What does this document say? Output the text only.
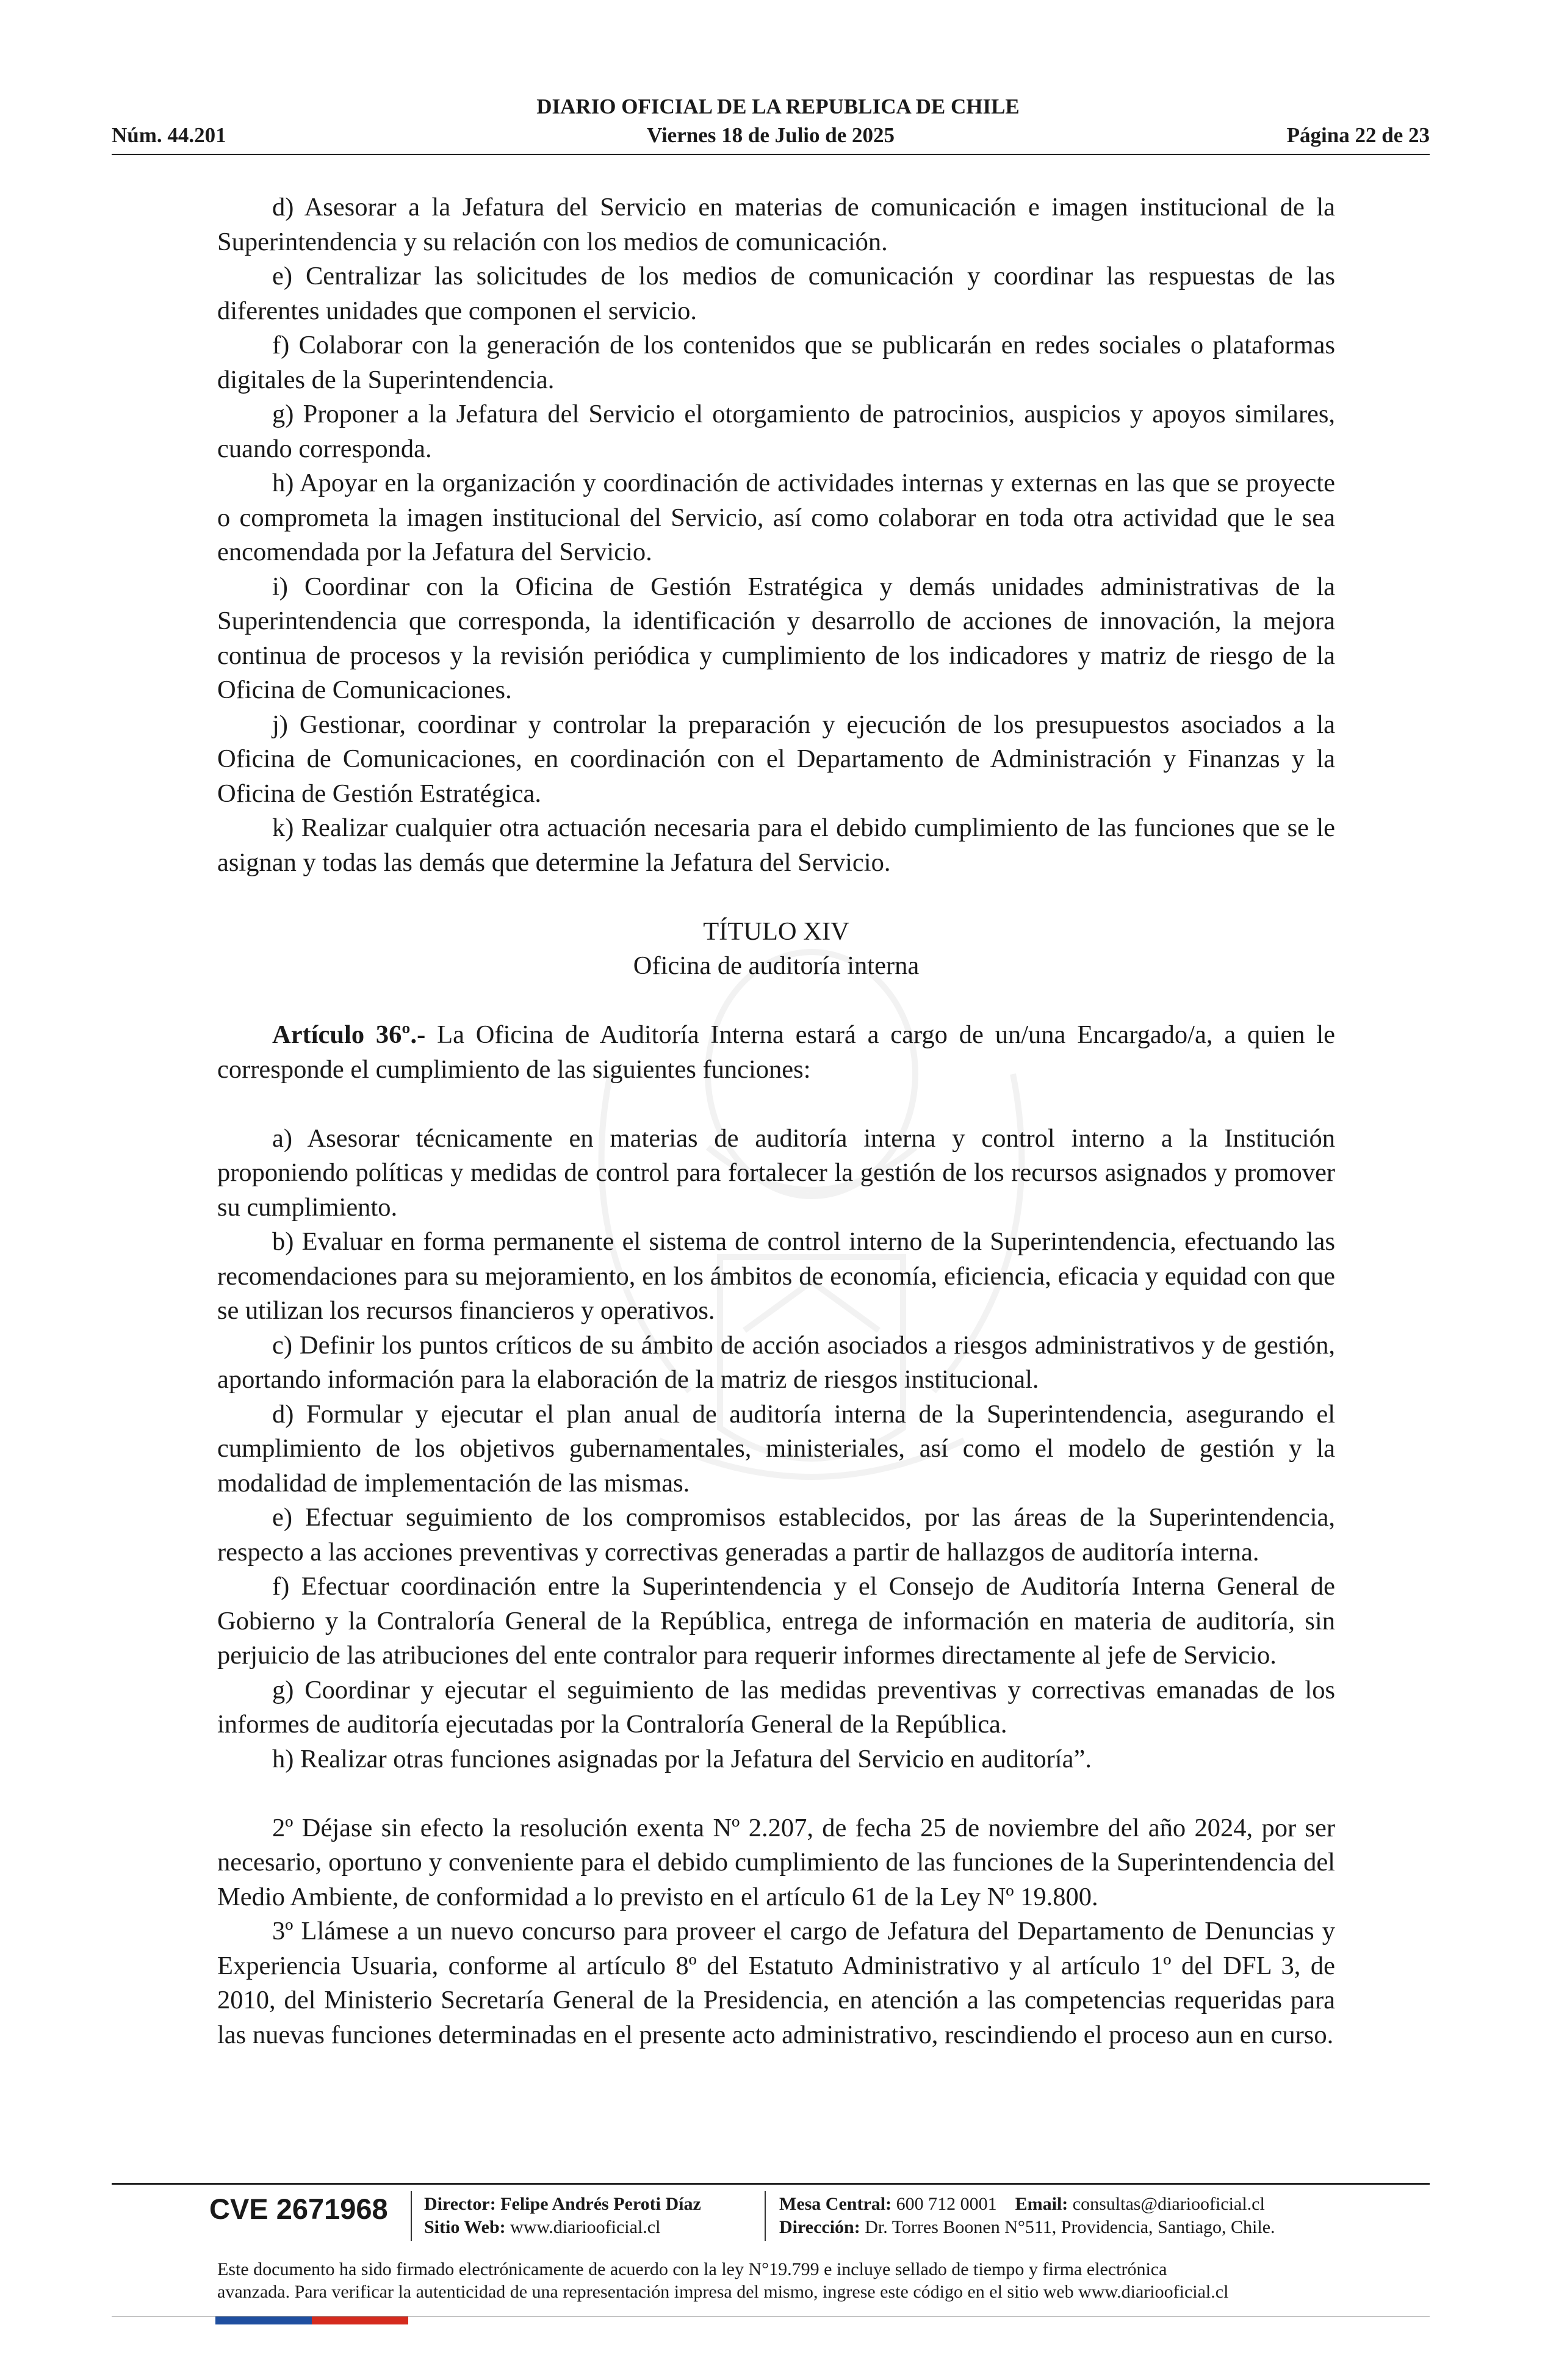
DIARIO OFICIAL DE LA REPUBLICA DE CHILE
Núm. 44.201	Viernes 18 de Julio de 2025	Página 22 de 23

d) Asesorar a la Jefatura del Servicio en materias de comunicación e imagen institucional de la Superintendencia y su relación con los medios de comunicación.

e) Centralizar las solicitudes de los medios de comunicación y coordinar las respuestas de las diferentes unidades que componen el servicio.

f) Colaborar con la generación de los contenidos que se publicarán en redes sociales o plataformas digitales de la Superintendencia.

g) Proponer a la Jefatura del Servicio el otorgamiento de patrocinios, auspicios y apoyos similares, cuando corresponda.

h) Apoyar en la organización y coordinación de actividades internas y externas en las que se proyecte o comprometa la imagen institucional del Servicio, así como colaborar en toda otra actividad que le sea encomendada por la Jefatura del Servicio.

i) Coordinar con la Oficina de Gestión Estratégica y demás unidades administrativas de la Superintendencia que corresponda, la identificación y desarrollo de acciones de innovación, la mejora continua de procesos y la revisión periódica y cumplimiento de los indicadores y matriz de riesgo de la Oficina de Comunicaciones.

j) Gestionar, coordinar y controlar la preparación y ejecución de los presupuestos asociados a la Oficina de Comunicaciones, en coordinación con el Departamento de Administración y Finanzas y la Oficina de Gestión Estratégica.

k) Realizar cualquier otra actuación necesaria para el debido cumplimiento de las funciones que se le asignan y todas las demás que determine la Jefatura del Servicio.

TÍTULO XIV

Oficina de auditoría interna

Artículo 36º.- La Oficina de Auditoría Interna estará a cargo de un/una Encargado/a, a quien le corresponde el cumplimiento de las siguientes funciones:

a) Asesorar técnicamente en materias de auditoría interna y control interno a la Institución proponiendo políticas y medidas de control para fortalecer la gestión de los recursos asignados y promover su cumplimiento.

b) Evaluar en forma permanente el sistema de control interno de la Superintendencia, efectuando las recomendaciones para su mejoramiento, en los ámbitos de economía, eficiencia, eficacia y equidad con que se utilizan los recursos financieros y operativos.

c) Definir los puntos críticos de su ámbito de acción asociados a riesgos administrativos y de gestión, aportando información para la elaboración de la matriz de riesgos institucional.

d) Formular y ejecutar el plan anual de auditoría interna de la Superintendencia, asegurando el cumplimiento de los objetivos gubernamentales, ministeriales, así como el modelo de gestión y la modalidad de implementación de las mismas.

e) Efectuar seguimiento de los compromisos establecidos, por las áreas de la Superintendencia, respecto a las acciones preventivas y correctivas generadas a partir de hallazgos de auditoría interna.

f) Efectuar coordinación entre la Superintendencia y el Consejo de Auditoría Interna General de Gobierno y la Contraloría General de la República, entrega de información en materia de auditoría, sin perjuicio de las atribuciones del ente contralor para requerir informes directamente al jefe de Servicio.

g) Coordinar y ejecutar el seguimiento de las medidas preventivas y correctivas emanadas de los informes de auditoría ejecutadas por la Contraloría General de la República.

h) Realizar otras funciones asignadas por la Jefatura del Servicio en auditoría”.

2º Déjase sin efecto la resolución exenta Nº 2.207, de fecha 25 de noviembre del año 2024, por ser necesario, oportuno y conveniente para el debido cumplimiento de las funciones de la Superintendencia del Medio Ambiente, de conformidad a lo previsto en el artículo 61 de la Ley Nº 19.800.

3º Llámese a un nuevo concurso para proveer el cargo de Jefatura del Departamento de Denuncias y Experiencia Usuaria, conforme al artículo 8º del Estatuto Administrativo y al artículo 1º del DFL 3, de 2010, del Ministerio Secretaría General de la Presidencia, en atención a las competencias requeridas para las nuevas funciones determinadas en el presente acto administrativo, rescindiendo el proceso aun en curso.

CVE 2671968 Director: Felipe Andrés Peroti Díaz
Sitio Web: www.diariooficial.cl
Mesa Central: 600 712 0001 Email: consultas@diariooficial.cl
Dirección: Dr. Torres Boonen N°511, Providencia, Santiago, Chile.
Este documento ha sido firmado electrónicamente de acuerdo con la ley N°19.799 e incluye sellado de tiempo y firma electrónica
avanzada. Para verificar la autenticidad de una representación impresa del mismo, ingrese este código en el sitio web www.diariooficial.cl
